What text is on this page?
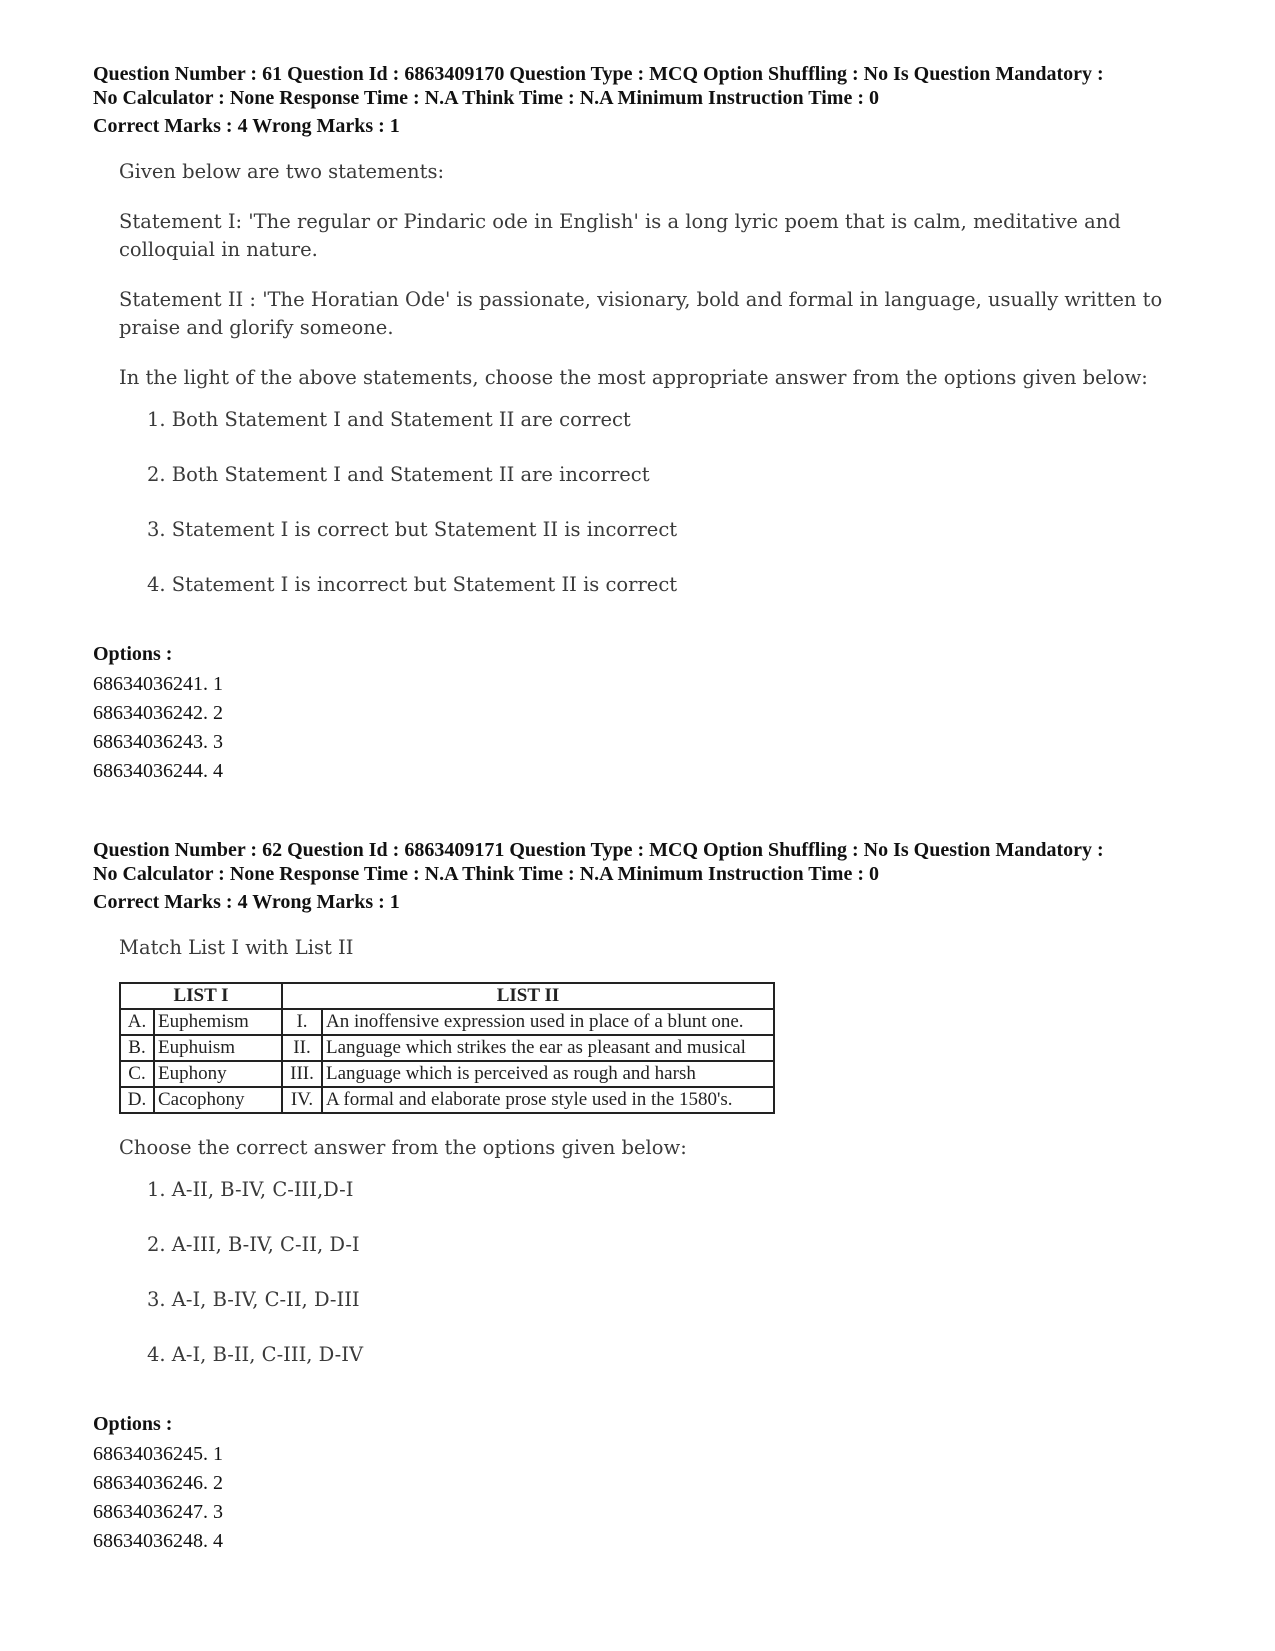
Question Number : 61 Question Id : 6863409170 Question Type : MCQ Option Shuffling : No Is Question Mandatory :
No Calculator : None Response Time : N.A Think Time : N.A Minimum Instruction Time : 0
Correct Marks : 4 Wrong Marks : 1

Given below are two statements:

Statement I: 'The regular or Pindaric ode in English' is a long lyric poem that is calm, meditative and colloquial in nature.

Statement II : 'The Horatian Ode' is passionate, visionary, bold and formal in language, usually written to praise and glorify someone.

In the light of the above statements, choose the most appropriate answer from the options given below:

1. Both Statement I and Statement II are correct
2. Both Statement I and Statement II are incorrect
3. Statement I is correct but Statement II is incorrect
4. Statement I is incorrect but Statement II is correct
Options :
68634036241. 1
68634036242. 2
68634036243. 3
68634036244. 4
Question Number : 62 Question Id : 6863409171 Question Type : MCQ Option Shuffling : No Is Question Mandatory :
No Calculator : None Response Time : N.A Think Time : N.A Minimum Instruction Time : 0
Correct Marks : 4 Wrong Marks : 1

Match List I with List II

LIST I		LIST II	
A.	Euphemism	I.	An inoffensive expression used in place of a blunt one.
B.	Euphuism	II.	Language which strikes the ear as pleasant and musical
C.	Euphony	III.	Language which is perceived as rough and harsh
D.	Cacophony	IV.	A formal and elaborate prose style used in the 1580's.

Choose the correct answer from the options given below:

1. A-II, B-IV, C-III,D-I
2. A-III, B-IV, C-II, D-I
3. A-I, B-IV, C-II, D-III
4. A-I, B-II, C-III, D-IV
Options :
68634036245. 1
68634036246. 2
68634036247. 3
68634036248. 4
